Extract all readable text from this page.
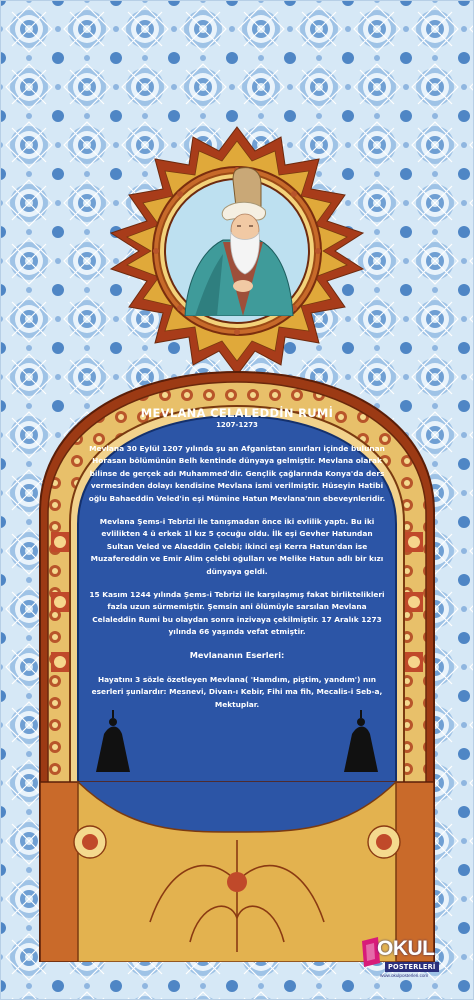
MEVLANA CELALEDDİN RUMİ
1207-1273

Mevlana 30 Eylül 1207 yılında şu an Afganistan sınırları içinde bulunan Horasan bölümünün Belh kentinde dünyaya gelmiştir. Mevlana olarak bilinse de gerçek adı Muhammed'dir. Gençlik çağlarında Konya'da ders vermesinden dolayı kendisine Mevlana ismi verilmiştir. Hüseyin Hatibi oğlu Bahaeddin Veled'in eşi Mümine Hatun Mevlana'nın ebeveynleridir.

Mevlana Şems-i Tebrizi ile tanışmadan önce iki evlilik yaptı. Bu iki evlilikten 4 ü erkek 1l kız 5 çocuğu oldu. İlk eşi Gevher Hatundan Sultan Veled ve Alaeddin Çelebi; ikinci eşi Kerra Hatun'dan ise Muzafereddin ve Emir Alim çelebi oğulları ve Melike Hatun adlı bir kızı dünyaya geldi.

15 Kasım 1244 yılında Şems-i Tebrizi ile karşılaşmış fakat birliktelikleri fazla uzun sürmemiştir. Şemsin ani ölümüyle sarsılan Mevlana Celaleddin Rumi bu olaydan sonra inzivaya çekilmiştir. 17 Aralık 1273 yılında 66 yaşında vefat etmiştir.

Mevlananın Eserleri:

Hayatını 3 sözle özetleyen Mevlana( 'Hamdım, piştim, yandım') nın eserleri şunlardır: Mesnevi, Divan-ı Kebir, Fihi ma fih, Mecalis-i Seb-a, Mektuplar.

OKUL
POSTERLERİ
www.okulposterleri.com
